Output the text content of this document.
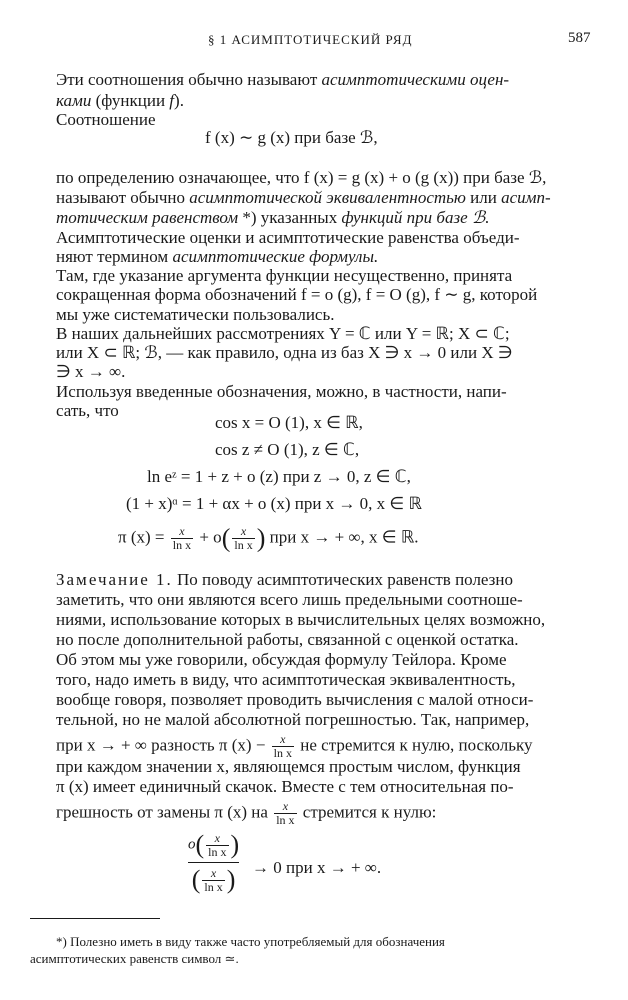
§ 1 АСИМПТОТИЧЕСКИЙ РЯД	587
Эти соотношения обычно называют асимптотическими оцен-
ками (функции f).
Соотношение
f (x) ∼ g (x) при базе ℬ,
по определению означающее, что f (x) = g (x) + o (g (x)) при базе ℬ,
называют обычно асимптотической эквивалентностью или асимп-
тотическим равенством *) указанных функций при базе ℬ.
Асимптотические оценки и асимптотические равенства объеди-
няют термином асимптотические формулы.
Там, где указание аргумента функции несущественно, принята
сокращенная форма обозначений f = o (g), f = O (g), f ∼ g, которой
мы уже систематически пользовались.
В наших дальнейших рассмотрениях Y = ℂ или Y = ℝ; X ⊂ ℂ;
или X ⊂ ℝ; ℬ, — как правило, одна из баз X ∋ x → 0 или X ∋
∋ x → ∞.
Используя введенные обозначения, можно, в частности, напи-
сать, что
cos x = O (1), x ∈ ℝ,
cos z ≠ O (1), z ∈ ℂ,
ln eᶻ = 1 + z + o (z) при z → 0, z ∈ ℂ,
(1 + x)ᵅ = 1 + αx + o (x) при x → 0, x ∈ ℝ
π $(x) = \frac{x}{\text{ln x}} + o( \frac{x}{\text{ln x}}$ ) при x → + ∞, x ∈ ℝ.
Замечание 1. По поводу асимптотических равенств полезно
заметить, что они являются всего лишь предельными соотноше-
ниями, использование которых в вычислительных целях возможно,
но после дополнительной работы, связанной с оценкой остатка.
Об этом мы уже говорили, обсуждая формулу Тейлора. Кроме
того, надо иметь в виду, что асимптотическая эквивалентность,
вообще говоря, позволяет проводить вычисления с малой относи-
тельной, но не малой абсолютной погрешностью. Так, например,
при x → + ∞ разность π $(x) - \frac{x}{\text{ln x}}$ не стремится к нулю, поскольку
при каждом значении x, являющемся простым числом, функция
π (x) имеет единичный скачок. Вместе с тем относительная по-
грешность от замены π (x) на $\frac{x}{\text{ln x}}$ стремится к нулю:
$o( \frac{x}{\text{ln x}}$ )
( $\frac{x}{\text{ln x}}$ ) → 0 при x → + ∞.
*) Полезно иметь в виду также часто употребляемый для обозначения
асимптотических равенств символ ≃.
